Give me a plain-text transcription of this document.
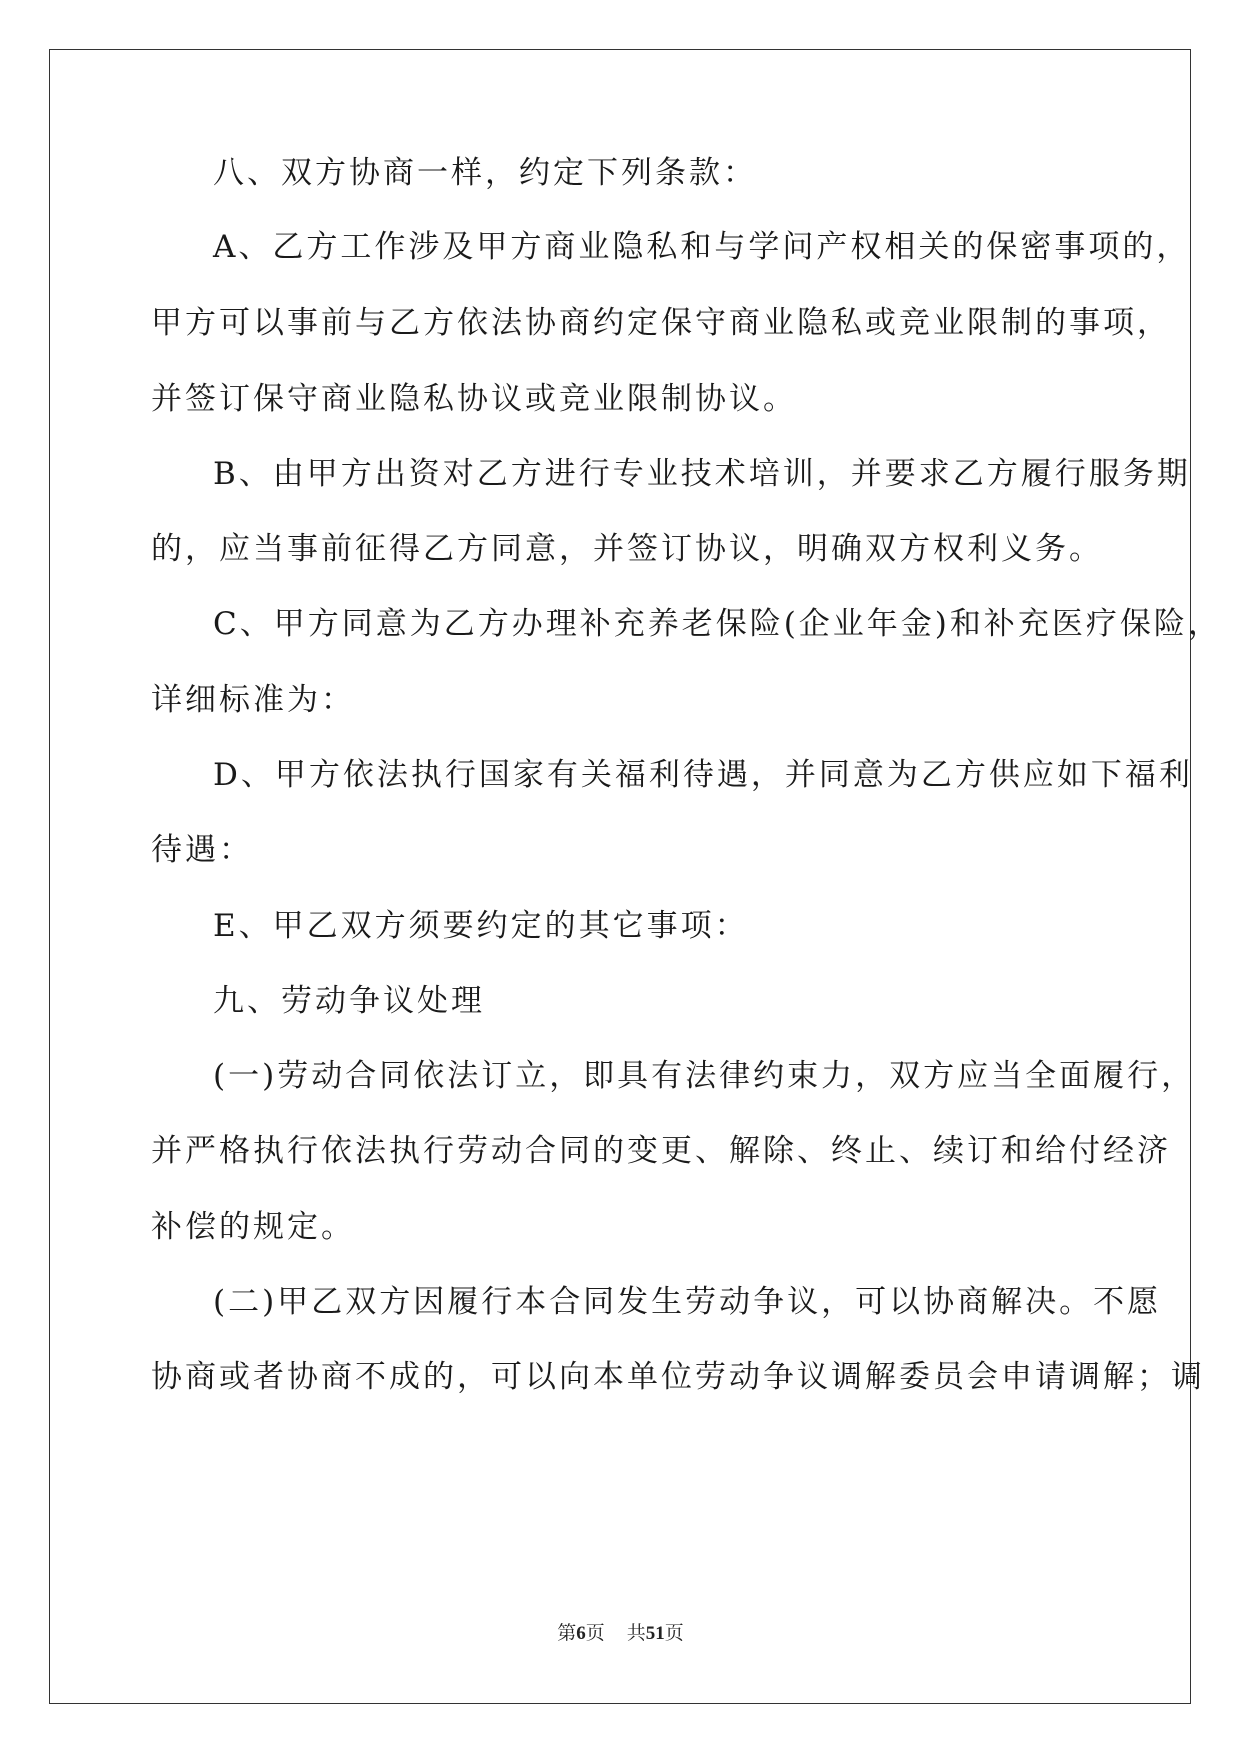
八、双方协商一样，约定下列条款：
A、乙方工作涉及甲方商业隐私和与学问产权相关的保密事项的，
甲方可以事前与乙方依法协商约定保守商业隐私或竞业限制的事项，
并签订保守商业隐私协议或竞业限制协议。
B、由甲方出资对乙方进行专业技术培训，并要求乙方履行服务期
的，应当事前征得乙方同意，并签订协议，明确双方权利义务。
C、甲方同意为乙方办理补充养老保险(企业年金)和补充医疗保险，
详细标准为：
D、甲方依法执行国家有关福利待遇，并同意为乙方供应如下福利
待遇：
E、甲乙双方须要约定的其它事项：
九、劳动争议处理
(一)劳动合同依法订立，即具有法律约束力，双方应当全面履行，
并严格执行依法执行劳动合同的变更、解除、终止、续订和给付经济
补偿的规定。
(二)甲乙双方因履行本合同发生劳动争议，可以协商解决。不愿
协商或者协商不成的，可以向本单位劳动争议调解委员会申请调解；调
第6页 共51页
